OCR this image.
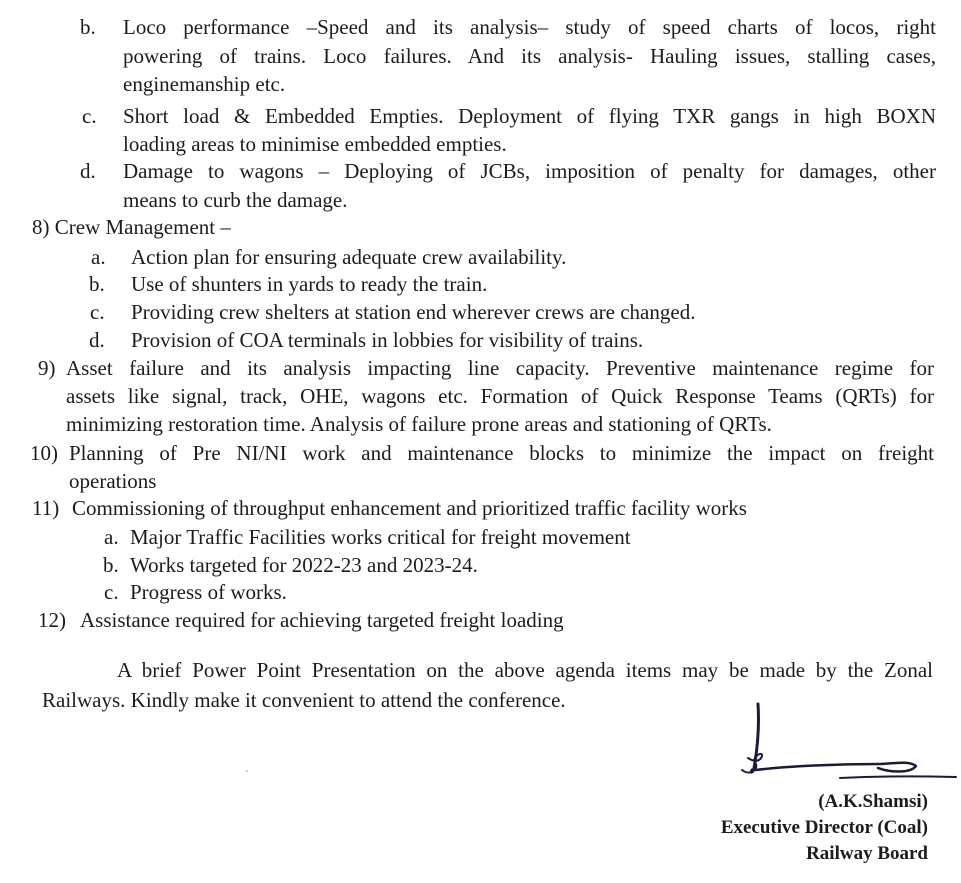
b. Loco performance –Speed and its analysis– study of speed charts of locos, right
powering of trains. Loco failures. And its analysis- Hauling issues, stalling cases,
enginemanship etc.
c. Short load & Embedded Empties. Deployment of flying TXR gangs in high BOXN
loading areas to minimise embedded empties.
d. Damage to wagons – Deploying of JCBs, imposition of penalty for damages, other
means to curb the damage.
8) Crew Management –
a. Action plan for ensuring adequate crew availability.
b. Use of shunters in yards to ready the train.
c. Providing crew shelters at station end wherever crews are changed.
d. Provision of COA terminals in lobbies for visibility of trains.
9) Asset failure and its analysis impacting line capacity. Preventive maintenance regime for
assets like signal, track, OHE, wagons etc. Formation of Quick Response Teams (QRTs) for
minimizing restoration time. Analysis of failure prone areas and stationing of QRTs.
10) Planning of Pre NI/NI work and maintenance blocks to minimize the impact on freight
operations
11) Commissioning of throughput enhancement and prioritized traffic facility works
a. Major Traffic Facilities works critical for freight movement
b. Works targeted for 2022-23 and 2023-24.
c. Progress of works.
12) Assistance required for achieving targeted freight loading
A brief Power Point Presentation on the above agenda items may be made by the Zonal
Railways. Kindly make it convenient to attend the conference.
(A.K.Shamsi)
Executive Director (Coal)
Railway Board
